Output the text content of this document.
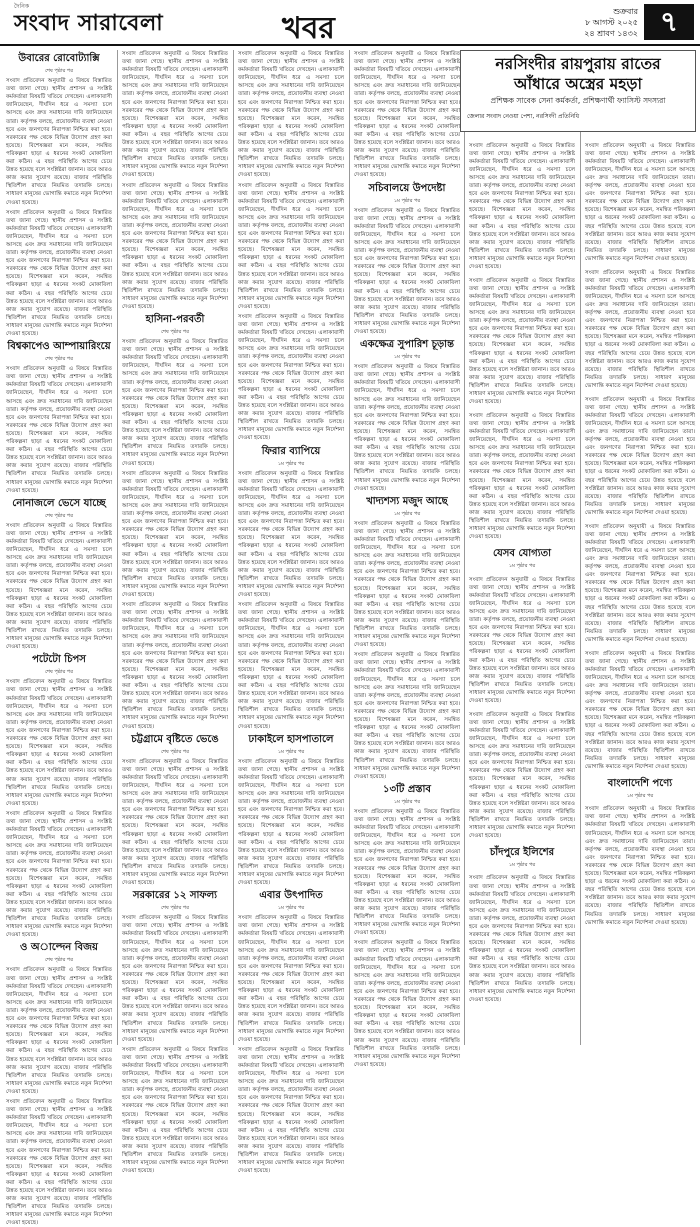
দৈনিক
সংবাদ সারাবেলা	খবর	শুক্রবার
৮ আগস্ট ২০২৫
২৪ শ্রাবণ ১৪৩২ ৭
উবারের রোবোট্যাক্সি
শেষ পৃষ্ঠার পর

সংবাদ প্রতিবেদন অনুযায়ী এ বিষয়ে বিস্তারিত তথ্য জানা গেছে। স্থানীয় প্রশাসন ও সংশ্লিষ্ট কর্মকর্তারা বিষয়টি খতিয়ে দেখছেন। এলাকাবাসী জানিয়েছেন, দীর্ঘদিন ধরে এ সমস্যা চলে আসছে এবং দ্রুত সমাধানের দাবি জানিয়েছেন তারা। কর্তৃপক্ষ বলছে, প্রয়োজনীয় ব্যবস্থা নেওয়া হবে এবং জনগণের নিরাপত্তা নিশ্চিত করা হবে। সরকারের পক্ষ থেকে বিভিন্ন উদ্যোগ গ্রহণ করা হয়েছে। বিশেষজ্ঞরা মনে করেন, সমন্বিত পরিকল্পনা ছাড়া এ ধরনের সংকট মোকাবিলা করা কঠিন। এ বছর পরিস্থিতি আগের চেয়ে উন্নত হয়েছে বলে সংশ্লিষ্টরা জানান। তবে আরও কাজ করার সুযোগ রয়েছে। বাজার পরিস্থিতি স্থিতিশীল রাখতে নিয়মিত তদারকি চলছে। সাধারণ মানুষের ভোগান্তি কমাতে নতুন নির্দেশনা দেওয়া হয়েছে।

সংবাদ প্রতিবেদন অনুযায়ী এ বিষয়ে বিস্তারিত তথ্য জানা গেছে। স্থানীয় প্রশাসন ও সংশ্লিষ্ট কর্মকর্তারা বিষয়টি খতিয়ে দেখছেন। এলাকাবাসী জানিয়েছেন, দীর্ঘদিন ধরে এ সমস্যা চলে আসছে এবং দ্রুত সমাধানের দাবি জানিয়েছেন তারা। কর্তৃপক্ষ বলছে, প্রয়োজনীয় ব্যবস্থা নেওয়া হবে এবং জনগণের নিরাপত্তা নিশ্চিত করা হবে। সরকারের পক্ষ থেকে বিভিন্ন উদ্যোগ গ্রহণ করা হয়েছে। বিশেষজ্ঞরা মনে করেন, সমন্বিত পরিকল্পনা ছাড়া এ ধরনের সংকট মোকাবিলা করা কঠিন। এ বছর পরিস্থিতি আগের চেয়ে উন্নত হয়েছে বলে সংশ্লিষ্টরা জানান। তবে আরও কাজ করার সুযোগ রয়েছে। বাজার পরিস্থিতি স্থিতিশীল রাখতে নিয়মিত তদারকি চলছে। সাধারণ মানুষের ভোগান্তি কমাতে নতুন নির্দেশনা দেওয়া হয়েছে।

বিশ্বকাপেও আম্পায়ারিংয়ে
শেষ পৃষ্ঠার পর

সংবাদ প্রতিবেদন অনুযায়ী এ বিষয়ে বিস্তারিত তথ্য জানা গেছে। স্থানীয় প্রশাসন ও সংশ্লিষ্ট কর্মকর্তারা বিষয়টি খতিয়ে দেখছেন। এলাকাবাসী জানিয়েছেন, দীর্ঘদিন ধরে এ সমস্যা চলে আসছে এবং দ্রুত সমাধানের দাবি জানিয়েছেন তারা। কর্তৃপক্ষ বলছে, প্রয়োজনীয় ব্যবস্থা নেওয়া হবে এবং জনগণের নিরাপত্তা নিশ্চিত করা হবে। সরকারের পক্ষ থেকে বিভিন্ন উদ্যোগ গ্রহণ করা হয়েছে। বিশেষজ্ঞরা মনে করেন, সমন্বিত পরিকল্পনা ছাড়া এ ধরনের সংকট মোকাবিলা করা কঠিন। এ বছর পরিস্থিতি আগের চেয়ে উন্নত হয়েছে বলে সংশ্লিষ্টরা জানান। তবে আরও কাজ করার সুযোগ রয়েছে। বাজার পরিস্থিতি স্থিতিশীল রাখতে নিয়মিত তদারকি চলছে। সাধারণ মানুষের ভোগান্তি কমাতে নতুন নির্দেশনা দেওয়া হয়েছে।

নোনাজলে ভেসে যাচ্ছে
শেষ পৃষ্ঠার পর

সংবাদ প্রতিবেদন অনুযায়ী এ বিষয়ে বিস্তারিত তথ্য জানা গেছে। স্থানীয় প্রশাসন ও সংশ্লিষ্ট কর্মকর্তারা বিষয়টি খতিয়ে দেখছেন। এলাকাবাসী জানিয়েছেন, দীর্ঘদিন ধরে এ সমস্যা চলে আসছে এবং দ্রুত সমাধানের দাবি জানিয়েছেন তারা। কর্তৃপক্ষ বলছে, প্রয়োজনীয় ব্যবস্থা নেওয়া হবে এবং জনগণের নিরাপত্তা নিশ্চিত করা হবে। সরকারের পক্ষ থেকে বিভিন্ন উদ্যোগ গ্রহণ করা হয়েছে। বিশেষজ্ঞরা মনে করেন, সমন্বিত পরিকল্পনা ছাড়া এ ধরনের সংকট মোকাবিলা করা কঠিন। এ বছর পরিস্থিতি আগের চেয়ে উন্নত হয়েছে বলে সংশ্লিষ্টরা জানান। তবে আরও কাজ করার সুযোগ রয়েছে। বাজার পরিস্থিতি স্থিতিশীল রাখতে নিয়মিত তদারকি চলছে। সাধারণ মানুষের ভোগান্তি কমাতে নতুন নির্দেশনা দেওয়া হয়েছে।

পটেটো চিপস
শেষ পৃষ্ঠার পর

সংবাদ প্রতিবেদন অনুযায়ী এ বিষয়ে বিস্তারিত তথ্য জানা গেছে। স্থানীয় প্রশাসন ও সংশ্লিষ্ট কর্মকর্তারা বিষয়টি খতিয়ে দেখছেন। এলাকাবাসী জানিয়েছেন, দীর্ঘদিন ধরে এ সমস্যা চলে আসছে এবং দ্রুত সমাধানের দাবি জানিয়েছেন তারা। কর্তৃপক্ষ বলছে, প্রয়োজনীয় ব্যবস্থা নেওয়া হবে এবং জনগণের নিরাপত্তা নিশ্চিত করা হবে। সরকারের পক্ষ থেকে বিভিন্ন উদ্যোগ গ্রহণ করা হয়েছে। বিশেষজ্ঞরা মনে করেন, সমন্বিত পরিকল্পনা ছাড়া এ ধরনের সংকট মোকাবিলা করা কঠিন। এ বছর পরিস্থিতি আগের চেয়ে উন্নত হয়েছে বলে সংশ্লিষ্টরা জানান। তবে আরও কাজ করার সুযোগ রয়েছে। বাজার পরিস্থিতি স্থিতিশীল রাখতে নিয়মিত তদারকি চলছে। সাধারণ মানুষের ভোগান্তি কমাতে নতুন নির্দেশনা দেওয়া হয়েছে।

সংবাদ প্রতিবেদন অনুযায়ী এ বিষয়ে বিস্তারিত তথ্য জানা গেছে। স্থানীয় প্রশাসন ও সংশ্লিষ্ট কর্মকর্তারা বিষয়টি খতিয়ে দেখছেন। এলাকাবাসী জানিয়েছেন, দীর্ঘদিন ধরে এ সমস্যা চলে আসছে এবং দ্রুত সমাধানের দাবি জানিয়েছেন তারা। কর্তৃপক্ষ বলছে, প্রয়োজনীয় ব্যবস্থা নেওয়া হবে এবং জনগণের নিরাপত্তা নিশ্চিত করা হবে। সরকারের পক্ষ থেকে বিভিন্ন উদ্যোগ গ্রহণ করা হয়েছে। বিশেষজ্ঞরা মনে করেন, সমন্বিত পরিকল্পনা ছাড়া এ ধরনের সংকট মোকাবিলা করা কঠিন। এ বছর পরিস্থিতি আগের চেয়ে উন্নত হয়েছে বলে সংশ্লিষ্টরা জানান। তবে আরও কাজ করার সুযোগ রয়েছে। বাজার পরিস্থিতি স্থিতিশীল রাখতে নিয়মিত তদারকি চলছে। সাধারণ মানুষের ভোগান্তি কমাতে নতুন নির্দেশনা দেওয়া হয়েছে।

ও অাল্দেন বিজয়
শেষ পৃষ্ঠার পর

সংবাদ প্রতিবেদন অনুযায়ী এ বিষয়ে বিস্তারিত তথ্য জানা গেছে। স্থানীয় প্রশাসন ও সংশ্লিষ্ট কর্মকর্তারা বিষয়টি খতিয়ে দেখছেন। এলাকাবাসী জানিয়েছেন, দীর্ঘদিন ধরে এ সমস্যা চলে আসছে এবং দ্রুত সমাধানের দাবি জানিয়েছেন তারা। কর্তৃপক্ষ বলছে, প্রয়োজনীয় ব্যবস্থা নেওয়া হবে এবং জনগণের নিরাপত্তা নিশ্চিত করা হবে। সরকারের পক্ষ থেকে বিভিন্ন উদ্যোগ গ্রহণ করা হয়েছে। বিশেষজ্ঞরা মনে করেন, সমন্বিত পরিকল্পনা ছাড়া এ ধরনের সংকট মোকাবিলা করা কঠিন। এ বছর পরিস্থিতি আগের চেয়ে উন্নত হয়েছে বলে সংশ্লিষ্টরা জানান। তবে আরও কাজ করার সুযোগ রয়েছে। বাজার পরিস্থিতি স্থিতিশীল রাখতে নিয়মিত তদারকি চলছে। সাধারণ মানুষের ভোগান্তি কমাতে নতুন নির্দেশনা দেওয়া হয়েছে।

সংবাদ প্রতিবেদন অনুযায়ী এ বিষয়ে বিস্তারিত তথ্য জানা গেছে। স্থানীয় প্রশাসন ও সংশ্লিষ্ট কর্মকর্তারা বিষয়টি খতিয়ে দেখছেন। এলাকাবাসী জানিয়েছেন, দীর্ঘদিন ধরে এ সমস্যা চলে আসছে এবং দ্রুত সমাধানের দাবি জানিয়েছেন তারা। কর্তৃপক্ষ বলছে, প্রয়োজনীয় ব্যবস্থা নেওয়া হবে এবং জনগণের নিরাপত্তা নিশ্চিত করা হবে। সরকারের পক্ষ থেকে বিভিন্ন উদ্যোগ গ্রহণ করা হয়েছে। বিশেষজ্ঞরা মনে করেন, সমন্বিত পরিকল্পনা ছাড়া এ ধরনের সংকট মোকাবিলা করা কঠিন। এ বছর পরিস্থিতি আগের চেয়ে উন্নত হয়েছে বলে সংশ্লিষ্টরা জানান। তবে আরও কাজ করার সুযোগ রয়েছে। বাজার পরিস্থিতি স্থিতিশীল রাখতে নিয়মিত তদারকি চলছে। সাধারণ মানুষের ভোগান্তি কমাতে নতুন নির্দেশনা দেওয়া হয়েছে।

সংবাদ প্রতিবেদন অনুযায়ী এ বিষয়ে বিস্তারিত তথ্য জানা গেছে। স্থানীয় প্রশাসন ও সংশ্লিষ্ট কর্মকর্তারা বিষয়টি খতিয়ে দেখছেন। এলাকাবাসী জানিয়েছেন, দীর্ঘদিন ধরে এ সমস্যা চলে আসছে এবং দ্রুত সমাধানের দাবি জানিয়েছেন তারা। কর্তৃপক্ষ বলছে, প্রয়োজনীয় ব্যবস্থা নেওয়া হবে এবং জনগণের নিরাপত্তা নিশ্চিত করা হবে। সরকারের পক্ষ থেকে বিভিন্ন উদ্যোগ গ্রহণ করা হয়েছে। বিশেষজ্ঞরা মনে করেন, সমন্বিত পরিকল্পনা ছাড়া এ ধরনের সংকট মোকাবিলা করা কঠিন। এ বছর পরিস্থিতি আগের চেয়ে উন্নত হয়েছে বলে সংশ্লিষ্টরা জানান। তবে আরও কাজ করার সুযোগ রয়েছে। বাজার পরিস্থিতি স্থিতিশীল রাখতে নিয়মিত তদারকি চলছে। সাধারণ মানুষের ভোগান্তি কমাতে নতুন নির্দেশনা দেওয়া হয়েছে।

সংবাদ প্রতিবেদন অনুযায়ী এ বিষয়ে বিস্তারিত তথ্য জানা গেছে। স্থানীয় প্রশাসন ও সংশ্লিষ্ট কর্মকর্তারা বিষয়টি খতিয়ে দেখছেন। এলাকাবাসী জানিয়েছেন, দীর্ঘদিন ধরে এ সমস্যা চলে আসছে এবং দ্রুত সমাধানের দাবি জানিয়েছেন তারা। কর্তৃপক্ষ বলছে, প্রয়োজনীয় ব্যবস্থা নেওয়া হবে এবং জনগণের নিরাপত্তা নিশ্চিত করা হবে। সরকারের পক্ষ থেকে বিভিন্ন উদ্যোগ গ্রহণ করা হয়েছে। বিশেষজ্ঞরা মনে করেন, সমন্বিত পরিকল্পনা ছাড়া এ ধরনের সংকট মোকাবিলা করা কঠিন। এ বছর পরিস্থিতি আগের চেয়ে উন্নত হয়েছে বলে সংশ্লিষ্টরা জানান। তবে আরও কাজ করার সুযোগ রয়েছে। বাজার পরিস্থিতি স্থিতিশীল রাখতে নিয়মিত তদারকি চলছে। সাধারণ মানুষের ভোগান্তি কমাতে নতুন নির্দেশনা দেওয়া হয়েছে।

হাসিনা-পরবর্তী
শেষ পৃষ্ঠার পর

সংবাদ প্রতিবেদন অনুযায়ী এ বিষয়ে বিস্তারিত তথ্য জানা গেছে। স্থানীয় প্রশাসন ও সংশ্লিষ্ট কর্মকর্তারা বিষয়টি খতিয়ে দেখছেন। এলাকাবাসী জানিয়েছেন, দীর্ঘদিন ধরে এ সমস্যা চলে আসছে এবং দ্রুত সমাধানের দাবি জানিয়েছেন তারা। কর্তৃপক্ষ বলছে, প্রয়োজনীয় ব্যবস্থা নেওয়া হবে এবং জনগণের নিরাপত্তা নিশ্চিত করা হবে। সরকারের পক্ষ থেকে বিভিন্ন উদ্যোগ গ্রহণ করা হয়েছে। বিশেষজ্ঞরা মনে করেন, সমন্বিত পরিকল্পনা ছাড়া এ ধরনের সংকট মোকাবিলা করা কঠিন। এ বছর পরিস্থিতি আগের চেয়ে উন্নত হয়েছে বলে সংশ্লিষ্টরা জানান। তবে আরও কাজ করার সুযোগ রয়েছে। বাজার পরিস্থিতি স্থিতিশীল রাখতে নিয়মিত তদারকি চলছে। সাধারণ মানুষের ভোগান্তি কমাতে নতুন নির্দেশনা দেওয়া হয়েছে।

সংবাদ প্রতিবেদন অনুযায়ী এ বিষয়ে বিস্তারিত তথ্য জানা গেছে। স্থানীয় প্রশাসন ও সংশ্লিষ্ট কর্মকর্তারা বিষয়টি খতিয়ে দেখছেন। এলাকাবাসী জানিয়েছেন, দীর্ঘদিন ধরে এ সমস্যা চলে আসছে এবং দ্রুত সমাধানের দাবি জানিয়েছেন তারা। কর্তৃপক্ষ বলছে, প্রয়োজনীয় ব্যবস্থা নেওয়া হবে এবং জনগণের নিরাপত্তা নিশ্চিত করা হবে। সরকারের পক্ষ থেকে বিভিন্ন উদ্যোগ গ্রহণ করা হয়েছে। বিশেষজ্ঞরা মনে করেন, সমন্বিত পরিকল্পনা ছাড়া এ ধরনের সংকট মোকাবিলা করা কঠিন। এ বছর পরিস্থিতি আগের চেয়ে উন্নত হয়েছে বলে সংশ্লিষ্টরা জানান। তবে আরও কাজ করার সুযোগ রয়েছে। বাজার পরিস্থিতি স্থিতিশীল রাখতে নিয়মিত তদারকি চলছে। সাধারণ মানুষের ভোগান্তি কমাতে নতুন নির্দেশনা দেওয়া হয়েছে।

সংবাদ প্রতিবেদন অনুযায়ী এ বিষয়ে বিস্তারিত তথ্য জানা গেছে। স্থানীয় প্রশাসন ও সংশ্লিষ্ট কর্মকর্তারা বিষয়টি খতিয়ে দেখছেন। এলাকাবাসী জানিয়েছেন, দীর্ঘদিন ধরে এ সমস্যা চলে আসছে এবং দ্রুত সমাধানের দাবি জানিয়েছেন তারা। কর্তৃপক্ষ বলছে, প্রয়োজনীয় ব্যবস্থা নেওয়া হবে এবং জনগণের নিরাপত্তা নিশ্চিত করা হবে। সরকারের পক্ষ থেকে বিভিন্ন উদ্যোগ গ্রহণ করা হয়েছে। বিশেষজ্ঞরা মনে করেন, সমন্বিত পরিকল্পনা ছাড়া এ ধরনের সংকট মোকাবিলা করা কঠিন। এ বছর পরিস্থিতি আগের চেয়ে উন্নত হয়েছে বলে সংশ্লিষ্টরা জানান। তবে আরও কাজ করার সুযোগ রয়েছে। বাজার পরিস্থিতি স্থিতিশীল রাখতে নিয়মিত তদারকি চলছে। সাধারণ মানুষের ভোগান্তি কমাতে নতুন নির্দেশনা দেওয়া হয়েছে।

চট্টগ্রামে বৃষ্টিতে ভেঙে
শেষ পৃষ্ঠার পর

সংবাদ প্রতিবেদন অনুযায়ী এ বিষয়ে বিস্তারিত তথ্য জানা গেছে। স্থানীয় প্রশাসন ও সংশ্লিষ্ট কর্মকর্তারা বিষয়টি খতিয়ে দেখছেন। এলাকাবাসী জানিয়েছেন, দীর্ঘদিন ধরে এ সমস্যা চলে আসছে এবং দ্রুত সমাধানের দাবি জানিয়েছেন তারা। কর্তৃপক্ষ বলছে, প্রয়োজনীয় ব্যবস্থা নেওয়া হবে এবং জনগণের নিরাপত্তা নিশ্চিত করা হবে। সরকারের পক্ষ থেকে বিভিন্ন উদ্যোগ গ্রহণ করা হয়েছে। বিশেষজ্ঞরা মনে করেন, সমন্বিত পরিকল্পনা ছাড়া এ ধরনের সংকট মোকাবিলা করা কঠিন। এ বছর পরিস্থিতি আগের চেয়ে উন্নত হয়েছে বলে সংশ্লিষ্টরা জানান। তবে আরও কাজ করার সুযোগ রয়েছে। বাজার পরিস্থিতি স্থিতিশীল রাখতে নিয়মিত তদারকি চলছে। সাধারণ মানুষের ভোগান্তি কমাতে নতুন নির্দেশনা দেওয়া হয়েছে।

সরকারের ১২ সাফল্য
শেষ পৃষ্ঠার পর

সংবাদ প্রতিবেদন অনুযায়ী এ বিষয়ে বিস্তারিত তথ্য জানা গেছে। স্থানীয় প্রশাসন ও সংশ্লিষ্ট কর্মকর্তারা বিষয়টি খতিয়ে দেখছেন। এলাকাবাসী জানিয়েছেন, দীর্ঘদিন ধরে এ সমস্যা চলে আসছে এবং দ্রুত সমাধানের দাবি জানিয়েছেন তারা। কর্তৃপক্ষ বলছে, প্রয়োজনীয় ব্যবস্থা নেওয়া হবে এবং জনগণের নিরাপত্তা নিশ্চিত করা হবে। সরকারের পক্ষ থেকে বিভিন্ন উদ্যোগ গ্রহণ করা হয়েছে। বিশেষজ্ঞরা মনে করেন, সমন্বিত পরিকল্পনা ছাড়া এ ধরনের সংকট মোকাবিলা করা কঠিন। এ বছর পরিস্থিতি আগের চেয়ে উন্নত হয়েছে বলে সংশ্লিষ্টরা জানান। তবে আরও কাজ করার সুযোগ রয়েছে। বাজার পরিস্থিতি স্থিতিশীল রাখতে নিয়মিত তদারকি চলছে। সাধারণ মানুষের ভোগান্তি কমাতে নতুন নির্দেশনা দেওয়া হয়েছে।

সংবাদ প্রতিবেদন অনুযায়ী এ বিষয়ে বিস্তারিত তথ্য জানা গেছে। স্থানীয় প্রশাসন ও সংশ্লিষ্ট কর্মকর্তারা বিষয়টি খতিয়ে দেখছেন। এলাকাবাসী জানিয়েছেন, দীর্ঘদিন ধরে এ সমস্যা চলে আসছে এবং দ্রুত সমাধানের দাবি জানিয়েছেন তারা। কর্তৃপক্ষ বলছে, প্রয়োজনীয় ব্যবস্থা নেওয়া হবে এবং জনগণের নিরাপত্তা নিশ্চিত করা হবে। সরকারের পক্ষ থেকে বিভিন্ন উদ্যোগ গ্রহণ করা হয়েছে। বিশেষজ্ঞরা মনে করেন, সমন্বিত পরিকল্পনা ছাড়া এ ধরনের সংকট মোকাবিলা করা কঠিন। এ বছর পরিস্থিতি আগের চেয়ে উন্নত হয়েছে বলে সংশ্লিষ্টরা জানান। তবে আরও কাজ করার সুযোগ রয়েছে। বাজার পরিস্থিতি স্থিতিশীল রাখতে নিয়মিত তদারকি চলছে। সাধারণ মানুষের ভোগান্তি কমাতে নতুন নির্দেশনা দেওয়া হয়েছে।

সংবাদ প্রতিবেদন অনুযায়ী এ বিষয়ে বিস্তারিত তথ্য জানা গেছে। স্থানীয় প্রশাসন ও সংশ্লিষ্ট কর্মকর্তারা বিষয়টি খতিয়ে দেখছেন। এলাকাবাসী জানিয়েছেন, দীর্ঘদিন ধরে এ সমস্যা চলে আসছে এবং দ্রুত সমাধানের দাবি জানিয়েছেন তারা। কর্তৃপক্ষ বলছে, প্রয়োজনীয় ব্যবস্থা নেওয়া হবে এবং জনগণের নিরাপত্তা নিশ্চিত করা হবে। সরকারের পক্ষ থেকে বিভিন্ন উদ্যোগ গ্রহণ করা হয়েছে। বিশেষজ্ঞরা মনে করেন, সমন্বিত পরিকল্পনা ছাড়া এ ধরনের সংকট মোকাবিলা করা কঠিন। এ বছর পরিস্থিতি আগের চেয়ে উন্নত হয়েছে বলে সংশ্লিষ্টরা জানান। তবে আরও কাজ করার সুযোগ রয়েছে। বাজার পরিস্থিতি স্থিতিশীল রাখতে নিয়মিত তদারকি চলছে। সাধারণ মানুষের ভোগান্তি কমাতে নতুন নির্দেশনা দেওয়া হয়েছে।

সংবাদ প্রতিবেদন অনুযায়ী এ বিষয়ে বিস্তারিত তথ্য জানা গেছে। স্থানীয় প্রশাসন ও সংশ্লিষ্ট কর্মকর্তারা বিষয়টি খতিয়ে দেখছেন। এলাকাবাসী জানিয়েছেন, দীর্ঘদিন ধরে এ সমস্যা চলে আসছে এবং দ্রুত সমাধানের দাবি জানিয়েছেন তারা। কর্তৃপক্ষ বলছে, প্রয়োজনীয় ব্যবস্থা নেওয়া হবে এবং জনগণের নিরাপত্তা নিশ্চিত করা হবে। সরকারের পক্ষ থেকে বিভিন্ন উদ্যোগ গ্রহণ করা হয়েছে। বিশেষজ্ঞরা মনে করেন, সমন্বিত পরিকল্পনা ছাড়া এ ধরনের সংকট মোকাবিলা করা কঠিন। এ বছর পরিস্থিতি আগের চেয়ে উন্নত হয়েছে বলে সংশ্লিষ্টরা জানান। তবে আরও কাজ করার সুযোগ রয়েছে। বাজার পরিস্থিতি স্থিতিশীল রাখতে নিয়মিত তদারকি চলছে। সাধারণ মানুষের ভোগান্তি কমাতে নতুন নির্দেশনা দেওয়া হয়েছে।

সংবাদ প্রতিবেদন অনুযায়ী এ বিষয়ে বিস্তারিত তথ্য জানা গেছে। স্থানীয় প্রশাসন ও সংশ্লিষ্ট কর্মকর্তারা বিষয়টি খতিয়ে দেখছেন। এলাকাবাসী জানিয়েছেন, দীর্ঘদিন ধরে এ সমস্যা চলে আসছে এবং দ্রুত সমাধানের দাবি জানিয়েছেন তারা। কর্তৃপক্ষ বলছে, প্রয়োজনীয় ব্যবস্থা নেওয়া হবে এবং জনগণের নিরাপত্তা নিশ্চিত করা হবে। সরকারের পক্ষ থেকে বিভিন্ন উদ্যোগ গ্রহণ করা হয়েছে। বিশেষজ্ঞরা মনে করেন, সমন্বিত পরিকল্পনা ছাড়া এ ধরনের সংকট মোকাবিলা করা কঠিন। এ বছর পরিস্থিতি আগের চেয়ে উন্নত হয়েছে বলে সংশ্লিষ্টরা জানান। তবে আরও কাজ করার সুযোগ রয়েছে। বাজার পরিস্থিতি স্থিতিশীল রাখতে নিয়মিত তদারকি চলছে। সাধারণ মানুষের ভোগান্তি কমাতে নতুন নির্দেশনা দেওয়া হয়েছে।

ফিরার ব্যাপিয়ে
১ম পৃষ্ঠার পর

সংবাদ প্রতিবেদন অনুযায়ী এ বিষয়ে বিস্তারিত তথ্য জানা গেছে। স্থানীয় প্রশাসন ও সংশ্লিষ্ট কর্মকর্তারা বিষয়টি খতিয়ে দেখছেন। এলাকাবাসী জানিয়েছেন, দীর্ঘদিন ধরে এ সমস্যা চলে আসছে এবং দ্রুত সমাধানের দাবি জানিয়েছেন তারা। কর্তৃপক্ষ বলছে, প্রয়োজনীয় ব্যবস্থা নেওয়া হবে এবং জনগণের নিরাপত্তা নিশ্চিত করা হবে। সরকারের পক্ষ থেকে বিভিন্ন উদ্যোগ গ্রহণ করা হয়েছে। বিশেষজ্ঞরা মনে করেন, সমন্বিত পরিকল্পনা ছাড়া এ ধরনের সংকট মোকাবিলা করা কঠিন। এ বছর পরিস্থিতি আগের চেয়ে উন্নত হয়েছে বলে সংশ্লিষ্টরা জানান। তবে আরও কাজ করার সুযোগ রয়েছে। বাজার পরিস্থিতি স্থিতিশীল রাখতে নিয়মিত তদারকি চলছে। সাধারণ মানুষের ভোগান্তি কমাতে নতুন নির্দেশনা দেওয়া হয়েছে।

সংবাদ প্রতিবেদন অনুযায়ী এ বিষয়ে বিস্তারিত তথ্য জানা গেছে। স্থানীয় প্রশাসন ও সংশ্লিষ্ট কর্মকর্তারা বিষয়টি খতিয়ে দেখছেন। এলাকাবাসী জানিয়েছেন, দীর্ঘদিন ধরে এ সমস্যা চলে আসছে এবং দ্রুত সমাধানের দাবি জানিয়েছেন তারা। কর্তৃপক্ষ বলছে, প্রয়োজনীয় ব্যবস্থা নেওয়া হবে এবং জনগণের নিরাপত্তা নিশ্চিত করা হবে। সরকারের পক্ষ থেকে বিভিন্ন উদ্যোগ গ্রহণ করা হয়েছে। বিশেষজ্ঞরা মনে করেন, সমন্বিত পরিকল্পনা ছাড়া এ ধরনের সংকট মোকাবিলা করা কঠিন। এ বছর পরিস্থিতি আগের চেয়ে উন্নত হয়েছে বলে সংশ্লিষ্টরা জানান। তবে আরও কাজ করার সুযোগ রয়েছে। বাজার পরিস্থিতি স্থিতিশীল রাখতে নিয়মিত তদারকি চলছে। সাধারণ মানুষের ভোগান্তি কমাতে নতুন নির্দেশনা দেওয়া হয়েছে।

ঢাকাইলে হাসপাতালে
১ম পৃষ্ঠার পর

সংবাদ প্রতিবেদন অনুযায়ী এ বিষয়ে বিস্তারিত তথ্য জানা গেছে। স্থানীয় প্রশাসন ও সংশ্লিষ্ট কর্মকর্তারা বিষয়টি খতিয়ে দেখছেন। এলাকাবাসী জানিয়েছেন, দীর্ঘদিন ধরে এ সমস্যা চলে আসছে এবং দ্রুত সমাধানের দাবি জানিয়েছেন তারা। কর্তৃপক্ষ বলছে, প্রয়োজনীয় ব্যবস্থা নেওয়া হবে এবং জনগণের নিরাপত্তা নিশ্চিত করা হবে। সরকারের পক্ষ থেকে বিভিন্ন উদ্যোগ গ্রহণ করা হয়েছে। বিশেষজ্ঞরা মনে করেন, সমন্বিত পরিকল্পনা ছাড়া এ ধরনের সংকট মোকাবিলা করা কঠিন। এ বছর পরিস্থিতি আগের চেয়ে উন্নত হয়েছে বলে সংশ্লিষ্টরা জানান। তবে আরও কাজ করার সুযোগ রয়েছে। বাজার পরিস্থিতি স্থিতিশীল রাখতে নিয়মিত তদারকি চলছে। সাধারণ মানুষের ভোগান্তি কমাতে নতুন নির্দেশনা দেওয়া হয়েছে।

এবার উৎপাদিত
১ম পৃষ্ঠার পর

সংবাদ প্রতিবেদন অনুযায়ী এ বিষয়ে বিস্তারিত তথ্য জানা গেছে। স্থানীয় প্রশাসন ও সংশ্লিষ্ট কর্মকর্তারা বিষয়টি খতিয়ে দেখছেন। এলাকাবাসী জানিয়েছেন, দীর্ঘদিন ধরে এ সমস্যা চলে আসছে এবং দ্রুত সমাধানের দাবি জানিয়েছেন তারা। কর্তৃপক্ষ বলছে, প্রয়োজনীয় ব্যবস্থা নেওয়া হবে এবং জনগণের নিরাপত্তা নিশ্চিত করা হবে। সরকারের পক্ষ থেকে বিভিন্ন উদ্যোগ গ্রহণ করা হয়েছে। বিশেষজ্ঞরা মনে করেন, সমন্বিত পরিকল্পনা ছাড়া এ ধরনের সংকট মোকাবিলা করা কঠিন। এ বছর পরিস্থিতি আগের চেয়ে উন্নত হয়েছে বলে সংশ্লিষ্টরা জানান। তবে আরও কাজ করার সুযোগ রয়েছে। বাজার পরিস্থিতি স্থিতিশীল রাখতে নিয়মিত তদারকি চলছে। সাধারণ মানুষের ভোগান্তি কমাতে নতুন নির্দেশনা দেওয়া হয়েছে।

সংবাদ প্রতিবেদন অনুযায়ী এ বিষয়ে বিস্তারিত তথ্য জানা গেছে। স্থানীয় প্রশাসন ও সংশ্লিষ্ট কর্মকর্তারা বিষয়টি খতিয়ে দেখছেন। এলাকাবাসী জানিয়েছেন, দীর্ঘদিন ধরে এ সমস্যা চলে আসছে এবং দ্রুত সমাধানের দাবি জানিয়েছেন তারা। কর্তৃপক্ষ বলছে, প্রয়োজনীয় ব্যবস্থা নেওয়া হবে এবং জনগণের নিরাপত্তা নিশ্চিত করা হবে। সরকারের পক্ষ থেকে বিভিন্ন উদ্যোগ গ্রহণ করা হয়েছে। বিশেষজ্ঞরা মনে করেন, সমন্বিত পরিকল্পনা ছাড়া এ ধরনের সংকট মোকাবিলা করা কঠিন। এ বছর পরিস্থিতি আগের চেয়ে উন্নত হয়েছে বলে সংশ্লিষ্টরা জানান। তবে আরও কাজ করার সুযোগ রয়েছে। বাজার পরিস্থিতি স্থিতিশীল রাখতে নিয়মিত তদারকি চলছে। সাধারণ মানুষের ভোগান্তি কমাতে নতুন নির্দেশনা দেওয়া হয়েছে।

সংবাদ প্রতিবেদন অনুযায়ী এ বিষয়ে বিস্তারিত তথ্য জানা গেছে। স্থানীয় প্রশাসন ও সংশ্লিষ্ট কর্মকর্তারা বিষয়টি খতিয়ে দেখছেন। এলাকাবাসী জানিয়েছেন, দীর্ঘদিন ধরে এ সমস্যা চলে আসছে এবং দ্রুত সমাধানের দাবি জানিয়েছেন তারা। কর্তৃপক্ষ বলছে, প্রয়োজনীয় ব্যবস্থা নেওয়া হবে এবং জনগণের নিরাপত্তা নিশ্চিত করা হবে। সরকারের পক্ষ থেকে বিভিন্ন উদ্যোগ গ্রহণ করা হয়েছে। বিশেষজ্ঞরা মনে করেন, সমন্বিত পরিকল্পনা ছাড়া এ ধরনের সংকট মোকাবিলা করা কঠিন। এ বছর পরিস্থিতি আগের চেয়ে উন্নত হয়েছে বলে সংশ্লিষ্টরা জানান। তবে আরও কাজ করার সুযোগ রয়েছে। বাজার পরিস্থিতি স্থিতিশীল রাখতে নিয়মিত তদারকি চলছে। সাধারণ মানুষের ভোগান্তি কমাতে নতুন নির্দেশনা দেওয়া হয়েছে।

সচিবালয়ে উপদেষ্টা
১ম পৃষ্ঠার পর

সংবাদ প্রতিবেদন অনুযায়ী এ বিষয়ে বিস্তারিত তথ্য জানা গেছে। স্থানীয় প্রশাসন ও সংশ্লিষ্ট কর্মকর্তারা বিষয়টি খতিয়ে দেখছেন। এলাকাবাসী জানিয়েছেন, দীর্ঘদিন ধরে এ সমস্যা চলে আসছে এবং দ্রুত সমাধানের দাবি জানিয়েছেন তারা। কর্তৃপক্ষ বলছে, প্রয়োজনীয় ব্যবস্থা নেওয়া হবে এবং জনগণের নিরাপত্তা নিশ্চিত করা হবে। সরকারের পক্ষ থেকে বিভিন্ন উদ্যোগ গ্রহণ করা হয়েছে। বিশেষজ্ঞরা মনে করেন, সমন্বিত পরিকল্পনা ছাড়া এ ধরনের সংকট মোকাবিলা করা কঠিন। এ বছর পরিস্থিতি আগের চেয়ে উন্নত হয়েছে বলে সংশ্লিষ্টরা জানান। তবে আরও কাজ করার সুযোগ রয়েছে। বাজার পরিস্থিতি স্থিতিশীল রাখতে নিয়মিত তদারকি চলছে। সাধারণ মানুষের ভোগান্তি কমাতে নতুন নির্দেশনা দেওয়া হয়েছে।

একক্ষেত্র সুপারিশ চূড়ান্ত
১ম পৃষ্ঠার পর

সংবাদ প্রতিবেদন অনুযায়ী এ বিষয়ে বিস্তারিত তথ্য জানা গেছে। স্থানীয় প্রশাসন ও সংশ্লিষ্ট কর্মকর্তারা বিষয়টি খতিয়ে দেখছেন। এলাকাবাসী জানিয়েছেন, দীর্ঘদিন ধরে এ সমস্যা চলে আসছে এবং দ্রুত সমাধানের দাবি জানিয়েছেন তারা। কর্তৃপক্ষ বলছে, প্রয়োজনীয় ব্যবস্থা নেওয়া হবে এবং জনগণের নিরাপত্তা নিশ্চিত করা হবে। সরকারের পক্ষ থেকে বিভিন্ন উদ্যোগ গ্রহণ করা হয়েছে। বিশেষজ্ঞরা মনে করেন, সমন্বিত পরিকল্পনা ছাড়া এ ধরনের সংকট মোকাবিলা করা কঠিন। এ বছর পরিস্থিতি আগের চেয়ে উন্নত হয়েছে বলে সংশ্লিষ্টরা জানান। তবে আরও কাজ করার সুযোগ রয়েছে। বাজার পরিস্থিতি স্থিতিশীল রাখতে নিয়মিত তদারকি চলছে। সাধারণ মানুষের ভোগান্তি কমাতে নতুন নির্দেশনা দেওয়া হয়েছে।

খাদ্যশস্য মজুদ আছে
১ম পৃষ্ঠার পর

সংবাদ প্রতিবেদন অনুযায়ী এ বিষয়ে বিস্তারিত তথ্য জানা গেছে। স্থানীয় প্রশাসন ও সংশ্লিষ্ট কর্মকর্তারা বিষয়টি খতিয়ে দেখছেন। এলাকাবাসী জানিয়েছেন, দীর্ঘদিন ধরে এ সমস্যা চলে আসছে এবং দ্রুত সমাধানের দাবি জানিয়েছেন তারা। কর্তৃপক্ষ বলছে, প্রয়োজনীয় ব্যবস্থা নেওয়া হবে এবং জনগণের নিরাপত্তা নিশ্চিত করা হবে। সরকারের পক্ষ থেকে বিভিন্ন উদ্যোগ গ্রহণ করা হয়েছে। বিশেষজ্ঞরা মনে করেন, সমন্বিত পরিকল্পনা ছাড়া এ ধরনের সংকট মোকাবিলা করা কঠিন। এ বছর পরিস্থিতি আগের চেয়ে উন্নত হয়েছে বলে সংশ্লিষ্টরা জানান। তবে আরও কাজ করার সুযোগ রয়েছে। বাজার পরিস্থিতি স্থিতিশীল রাখতে নিয়মিত তদারকি চলছে। সাধারণ মানুষের ভোগান্তি কমাতে নতুন নির্দেশনা দেওয়া হয়েছে।

সংবাদ প্রতিবেদন অনুযায়ী এ বিষয়ে বিস্তারিত তথ্য জানা গেছে। স্থানীয় প্রশাসন ও সংশ্লিষ্ট কর্মকর্তারা বিষয়টি খতিয়ে দেখছেন। এলাকাবাসী জানিয়েছেন, দীর্ঘদিন ধরে এ সমস্যা চলে আসছে এবং দ্রুত সমাধানের দাবি জানিয়েছেন তারা। কর্তৃপক্ষ বলছে, প্রয়োজনীয় ব্যবস্থা নেওয়া হবে এবং জনগণের নিরাপত্তা নিশ্চিত করা হবে। সরকারের পক্ষ থেকে বিভিন্ন উদ্যোগ গ্রহণ করা হয়েছে। বিশেষজ্ঞরা মনে করেন, সমন্বিত পরিকল্পনা ছাড়া এ ধরনের সংকট মোকাবিলা করা কঠিন। এ বছর পরিস্থিতি আগের চেয়ে উন্নত হয়েছে বলে সংশ্লিষ্টরা জানান। তবে আরও কাজ করার সুযোগ রয়েছে। বাজার পরিস্থিতি স্থিতিশীল রাখতে নিয়মিত তদারকি চলছে। সাধারণ মানুষের ভোগান্তি কমাতে নতুন নির্দেশনা দেওয়া হয়েছে।

১৩টি প্রস্তাব
১ম পৃষ্ঠার পর

সংবাদ প্রতিবেদন অনুযায়ী এ বিষয়ে বিস্তারিত তথ্য জানা গেছে। স্থানীয় প্রশাসন ও সংশ্লিষ্ট কর্মকর্তারা বিষয়টি খতিয়ে দেখছেন। এলাকাবাসী জানিয়েছেন, দীর্ঘদিন ধরে এ সমস্যা চলে আসছে এবং দ্রুত সমাধানের দাবি জানিয়েছেন তারা। কর্তৃপক্ষ বলছে, প্রয়োজনীয় ব্যবস্থা নেওয়া হবে এবং জনগণের নিরাপত্তা নিশ্চিত করা হবে। সরকারের পক্ষ থেকে বিভিন্ন উদ্যোগ গ্রহণ করা হয়েছে। বিশেষজ্ঞরা মনে করেন, সমন্বিত পরিকল্পনা ছাড়া এ ধরনের সংকট মোকাবিলা করা কঠিন। এ বছর পরিস্থিতি আগের চেয়ে উন্নত হয়েছে বলে সংশ্লিষ্টরা জানান। তবে আরও কাজ করার সুযোগ রয়েছে। বাজার পরিস্থিতি স্থিতিশীল রাখতে নিয়মিত তদারকি চলছে। সাধারণ মানুষের ভোগান্তি কমাতে নতুন নির্দেশনা দেওয়া হয়েছে।

সংবাদ প্রতিবেদন অনুযায়ী এ বিষয়ে বিস্তারিত তথ্য জানা গেছে। স্থানীয় প্রশাসন ও সংশ্লিষ্ট কর্মকর্তারা বিষয়টি খতিয়ে দেখছেন। এলাকাবাসী জানিয়েছেন, দীর্ঘদিন ধরে এ সমস্যা চলে আসছে এবং দ্রুত সমাধানের দাবি জানিয়েছেন তারা। কর্তৃপক্ষ বলছে, প্রয়োজনীয় ব্যবস্থা নেওয়া হবে এবং জনগণের নিরাপত্তা নিশ্চিত করা হবে। সরকারের পক্ষ থেকে বিভিন্ন উদ্যোগ গ্রহণ করা হয়েছে। বিশেষজ্ঞরা মনে করেন, সমন্বিত পরিকল্পনা ছাড়া এ ধরনের সংকট মোকাবিলা করা কঠিন। এ বছর পরিস্থিতি আগের চেয়ে উন্নত হয়েছে বলে সংশ্লিষ্টরা জানান। তবে আরও কাজ করার সুযোগ রয়েছে। বাজার পরিস্থিতি স্থিতিশীল রাখতে নিয়মিত তদারকি চলছে। সাধারণ মানুষের ভোগান্তি কমাতে নতুন নির্দেশনা দেওয়া হয়েছে।

নরসিংদীর রায়পুরায় রাতের
আঁধারে অস্ত্রের মহড়া
প্রশিক্ষক সাবেক সেনা কর্মকর্তা, প্রশিক্ষণার্থী ফ্যাসিস্ট সদস্যরা
জেলার সংবাদ নেওয়া পেশা, নরসিংদী প্রতিনিধি

সংবাদ প্রতিবেদন অনুযায়ী এ বিষয়ে বিস্তারিত তথ্য জানা গেছে। স্থানীয় প্রশাসন ও সংশ্লিষ্ট কর্মকর্তারা বিষয়টি খতিয়ে দেখছেন। এলাকাবাসী জানিয়েছেন, দীর্ঘদিন ধরে এ সমস্যা চলে আসছে এবং দ্রুত সমাধানের দাবি জানিয়েছেন তারা। কর্তৃপক্ষ বলছে, প্রয়োজনীয় ব্যবস্থা নেওয়া হবে এবং জনগণের নিরাপত্তা নিশ্চিত করা হবে। সরকারের পক্ষ থেকে বিভিন্ন উদ্যোগ গ্রহণ করা হয়েছে। বিশেষজ্ঞরা মনে করেন, সমন্বিত পরিকল্পনা ছাড়া এ ধরনের সংকট মোকাবিলা করা কঠিন। এ বছর পরিস্থিতি আগের চেয়ে উন্নত হয়েছে বলে সংশ্লিষ্টরা জানান। তবে আরও কাজ করার সুযোগ রয়েছে। বাজার পরিস্থিতি স্থিতিশীল রাখতে নিয়মিত তদারকি চলছে। সাধারণ মানুষের ভোগান্তি কমাতে নতুন নির্দেশনা দেওয়া হয়েছে।

সংবাদ প্রতিবেদন অনুযায়ী এ বিষয়ে বিস্তারিত তথ্য জানা গেছে। স্থানীয় প্রশাসন ও সংশ্লিষ্ট কর্মকর্তারা বিষয়টি খতিয়ে দেখছেন। এলাকাবাসী জানিয়েছেন, দীর্ঘদিন ধরে এ সমস্যা চলে আসছে এবং দ্রুত সমাধানের দাবি জানিয়েছেন তারা। কর্তৃপক্ষ বলছে, প্রয়োজনীয় ব্যবস্থা নেওয়া হবে এবং জনগণের নিরাপত্তা নিশ্চিত করা হবে। সরকারের পক্ষ থেকে বিভিন্ন উদ্যোগ গ্রহণ করা হয়েছে। বিশেষজ্ঞরা মনে করেন, সমন্বিত পরিকল্পনা ছাড়া এ ধরনের সংকট মোকাবিলা করা কঠিন। এ বছর পরিস্থিতি আগের চেয়ে উন্নত হয়েছে বলে সংশ্লিষ্টরা জানান। তবে আরও কাজ করার সুযোগ রয়েছে। বাজার পরিস্থিতি স্থিতিশীল রাখতে নিয়মিত তদারকি চলছে। সাধারণ মানুষের ভোগান্তি কমাতে নতুন নির্দেশনা দেওয়া হয়েছে।

সংবাদ প্রতিবেদন অনুযায়ী এ বিষয়ে বিস্তারিত তথ্য জানা গেছে। স্থানীয় প্রশাসন ও সংশ্লিষ্ট কর্মকর্তারা বিষয়টি খতিয়ে দেখছেন। এলাকাবাসী জানিয়েছেন, দীর্ঘদিন ধরে এ সমস্যা চলে আসছে এবং দ্রুত সমাধানের দাবি জানিয়েছেন তারা। কর্তৃপক্ষ বলছে, প্রয়োজনীয় ব্যবস্থা নেওয়া হবে এবং জনগণের নিরাপত্তা নিশ্চিত করা হবে। সরকারের পক্ষ থেকে বিভিন্ন উদ্যোগ গ্রহণ করা হয়েছে। বিশেষজ্ঞরা মনে করেন, সমন্বিত পরিকল্পনা ছাড়া এ ধরনের সংকট মোকাবিলা করা কঠিন। এ বছর পরিস্থিতি আগের চেয়ে উন্নত হয়েছে বলে সংশ্লিষ্টরা জানান। তবে আরও কাজ করার সুযোগ রয়েছে। বাজার পরিস্থিতি স্থিতিশীল রাখতে নিয়মিত তদারকি চলছে। সাধারণ মানুষের ভোগান্তি কমাতে নতুন নির্দেশনা দেওয়া হয়েছে।

যেসব যোগ্যতা
১ম পৃষ্ঠার পর

সংবাদ প্রতিবেদন অনুযায়ী এ বিষয়ে বিস্তারিত তথ্য জানা গেছে। স্থানীয় প্রশাসন ও সংশ্লিষ্ট কর্মকর্তারা বিষয়টি খতিয়ে দেখছেন। এলাকাবাসী জানিয়েছেন, দীর্ঘদিন ধরে এ সমস্যা চলে আসছে এবং দ্রুত সমাধানের দাবি জানিয়েছেন তারা। কর্তৃপক্ষ বলছে, প্রয়োজনীয় ব্যবস্থা নেওয়া হবে এবং জনগণের নিরাপত্তা নিশ্চিত করা হবে। সরকারের পক্ষ থেকে বিভিন্ন উদ্যোগ গ্রহণ করা হয়েছে। বিশেষজ্ঞরা মনে করেন, সমন্বিত পরিকল্পনা ছাড়া এ ধরনের সংকট মোকাবিলা করা কঠিন। এ বছর পরিস্থিতি আগের চেয়ে উন্নত হয়েছে বলে সংশ্লিষ্টরা জানান। তবে আরও কাজ করার সুযোগ রয়েছে। বাজার পরিস্থিতি স্থিতিশীল রাখতে নিয়মিত তদারকি চলছে। সাধারণ মানুষের ভোগান্তি কমাতে নতুন নির্দেশনা দেওয়া হয়েছে।

সংবাদ প্রতিবেদন অনুযায়ী এ বিষয়ে বিস্তারিত তথ্য জানা গেছে। স্থানীয় প্রশাসন ও সংশ্লিষ্ট কর্মকর্তারা বিষয়টি খতিয়ে দেখছেন। এলাকাবাসী জানিয়েছেন, দীর্ঘদিন ধরে এ সমস্যা চলে আসছে এবং দ্রুত সমাধানের দাবি জানিয়েছেন তারা। কর্তৃপক্ষ বলছে, প্রয়োজনীয় ব্যবস্থা নেওয়া হবে এবং জনগণের নিরাপত্তা নিশ্চিত করা হবে। সরকারের পক্ষ থেকে বিভিন্ন উদ্যোগ গ্রহণ করা হয়েছে। বিশেষজ্ঞরা মনে করেন, সমন্বিত পরিকল্পনা ছাড়া এ ধরনের সংকট মোকাবিলা করা কঠিন। এ বছর পরিস্থিতি আগের চেয়ে উন্নত হয়েছে বলে সংশ্লিষ্টরা জানান। তবে আরও কাজ করার সুযোগ রয়েছে। বাজার পরিস্থিতি স্থিতিশীল রাখতে নিয়মিত তদারকি চলছে। সাধারণ মানুষের ভোগান্তি কমাতে নতুন নির্দেশনা দেওয়া হয়েছে।

চাঁদপুরে ইলিশের
১ম পৃষ্ঠার পর

সংবাদ প্রতিবেদন অনুযায়ী এ বিষয়ে বিস্তারিত তথ্য জানা গেছে। স্থানীয় প্রশাসন ও সংশ্লিষ্ট কর্মকর্তারা বিষয়টি খতিয়ে দেখছেন। এলাকাবাসী জানিয়েছেন, দীর্ঘদিন ধরে এ সমস্যা চলে আসছে এবং দ্রুত সমাধানের দাবি জানিয়েছেন তারা। কর্তৃপক্ষ বলছে, প্রয়োজনীয় ব্যবস্থা নেওয়া হবে এবং জনগণের নিরাপত্তা নিশ্চিত করা হবে। সরকারের পক্ষ থেকে বিভিন্ন উদ্যোগ গ্রহণ করা হয়েছে। বিশেষজ্ঞরা মনে করেন, সমন্বিত পরিকল্পনা ছাড়া এ ধরনের সংকট মোকাবিলা করা কঠিন। এ বছর পরিস্থিতি আগের চেয়ে উন্নত হয়েছে বলে সংশ্লিষ্টরা জানান। তবে আরও কাজ করার সুযোগ রয়েছে। বাজার পরিস্থিতি স্থিতিশীল রাখতে নিয়মিত তদারকি চলছে। সাধারণ মানুষের ভোগান্তি কমাতে নতুন নির্দেশনা দেওয়া হয়েছে।

সংবাদ প্রতিবেদন অনুযায়ী এ বিষয়ে বিস্তারিত তথ্য জানা গেছে। স্থানীয় প্রশাসন ও সংশ্লিষ্ট কর্মকর্তারা বিষয়টি খতিয়ে দেখছেন। এলাকাবাসী জানিয়েছেন, দীর্ঘদিন ধরে এ সমস্যা চলে আসছে এবং দ্রুত সমাধানের দাবি জানিয়েছেন তারা। কর্তৃপক্ষ বলছে, প্রয়োজনীয় ব্যবস্থা নেওয়া হবে এবং জনগণের নিরাপত্তা নিশ্চিত করা হবে। সরকারের পক্ষ থেকে বিভিন্ন উদ্যোগ গ্রহণ করা হয়েছে। বিশেষজ্ঞরা মনে করেন, সমন্বিত পরিকল্পনা ছাড়া এ ধরনের সংকট মোকাবিলা করা কঠিন। এ বছর পরিস্থিতি আগের চেয়ে উন্নত হয়েছে বলে সংশ্লিষ্টরা জানান। তবে আরও কাজ করার সুযোগ রয়েছে। বাজার পরিস্থিতি স্থিতিশীল রাখতে নিয়মিত তদারকি চলছে। সাধারণ মানুষের ভোগান্তি কমাতে নতুন নির্দেশনা দেওয়া হয়েছে।

সংবাদ প্রতিবেদন অনুযায়ী এ বিষয়ে বিস্তারিত তথ্য জানা গেছে। স্থানীয় প্রশাসন ও সংশ্লিষ্ট কর্মকর্তারা বিষয়টি খতিয়ে দেখছেন। এলাকাবাসী জানিয়েছেন, দীর্ঘদিন ধরে এ সমস্যা চলে আসছে এবং দ্রুত সমাধানের দাবি জানিয়েছেন তারা। কর্তৃপক্ষ বলছে, প্রয়োজনীয় ব্যবস্থা নেওয়া হবে এবং জনগণের নিরাপত্তা নিশ্চিত করা হবে। সরকারের পক্ষ থেকে বিভিন্ন উদ্যোগ গ্রহণ করা হয়েছে। বিশেষজ্ঞরা মনে করেন, সমন্বিত পরিকল্পনা ছাড়া এ ধরনের সংকট মোকাবিলা করা কঠিন। এ বছর পরিস্থিতি আগের চেয়ে উন্নত হয়েছে বলে সংশ্লিষ্টরা জানান। তবে আরও কাজ করার সুযোগ রয়েছে। বাজার পরিস্থিতি স্থিতিশীল রাখতে নিয়মিত তদারকি চলছে। সাধারণ মানুষের ভোগান্তি কমাতে নতুন নির্দেশনা দেওয়া হয়েছে।

সংবাদ প্রতিবেদন অনুযায়ী এ বিষয়ে বিস্তারিত তথ্য জানা গেছে। স্থানীয় প্রশাসন ও সংশ্লিষ্ট কর্মকর্তারা বিষয়টি খতিয়ে দেখছেন। এলাকাবাসী জানিয়েছেন, দীর্ঘদিন ধরে এ সমস্যা চলে আসছে এবং দ্রুত সমাধানের দাবি জানিয়েছেন তারা। কর্তৃপক্ষ বলছে, প্রয়োজনীয় ব্যবস্থা নেওয়া হবে এবং জনগণের নিরাপত্তা নিশ্চিত করা হবে। সরকারের পক্ষ থেকে বিভিন্ন উদ্যোগ গ্রহণ করা হয়েছে। বিশেষজ্ঞরা মনে করেন, সমন্বিত পরিকল্পনা ছাড়া এ ধরনের সংকট মোকাবিলা করা কঠিন। এ বছর পরিস্থিতি আগের চেয়ে উন্নত হয়েছে বলে সংশ্লিষ্টরা জানান। তবে আরও কাজ করার সুযোগ রয়েছে। বাজার পরিস্থিতি স্থিতিশীল রাখতে নিয়মিত তদারকি চলছে। সাধারণ মানুষের ভোগান্তি কমাতে নতুন নির্দেশনা দেওয়া হয়েছে।

সংবাদ প্রতিবেদন অনুযায়ী এ বিষয়ে বিস্তারিত তথ্য জানা গেছে। স্থানীয় প্রশাসন ও সংশ্লিষ্ট কর্মকর্তারা বিষয়টি খতিয়ে দেখছেন। এলাকাবাসী জানিয়েছেন, দীর্ঘদিন ধরে এ সমস্যা চলে আসছে এবং দ্রুত সমাধানের দাবি জানিয়েছেন তারা। কর্তৃপক্ষ বলছে, প্রয়োজনীয় ব্যবস্থা নেওয়া হবে এবং জনগণের নিরাপত্তা নিশ্চিত করা হবে। সরকারের পক্ষ থেকে বিভিন্ন উদ্যোগ গ্রহণ করা হয়েছে। বিশেষজ্ঞরা মনে করেন, সমন্বিত পরিকল্পনা ছাড়া এ ধরনের সংকট মোকাবিলা করা কঠিন। এ বছর পরিস্থিতি আগের চেয়ে উন্নত হয়েছে বলে সংশ্লিষ্টরা জানান। তবে আরও কাজ করার সুযোগ রয়েছে। বাজার পরিস্থিতি স্থিতিশীল রাখতে নিয়মিত তদারকি চলছে। সাধারণ মানুষের ভোগান্তি কমাতে নতুন নির্দেশনা দেওয়া হয়েছে।

সংবাদ প্রতিবেদন অনুযায়ী এ বিষয়ে বিস্তারিত তথ্য জানা গেছে। স্থানীয় প্রশাসন ও সংশ্লিষ্ট কর্মকর্তারা বিষয়টি খতিয়ে দেখছেন। এলাকাবাসী জানিয়েছেন, দীর্ঘদিন ধরে এ সমস্যা চলে আসছে এবং দ্রুত সমাধানের দাবি জানিয়েছেন তারা। কর্তৃপক্ষ বলছে, প্রয়োজনীয় ব্যবস্থা নেওয়া হবে এবং জনগণের নিরাপত্তা নিশ্চিত করা হবে। সরকারের পক্ষ থেকে বিভিন্ন উদ্যোগ গ্রহণ করা হয়েছে। বিশেষজ্ঞরা মনে করেন, সমন্বিত পরিকল্পনা ছাড়া এ ধরনের সংকট মোকাবিলা করা কঠিন। এ বছর পরিস্থিতি আগের চেয়ে উন্নত হয়েছে বলে সংশ্লিষ্টরা জানান। তবে আরও কাজ করার সুযোগ রয়েছে। বাজার পরিস্থিতি স্থিতিশীল রাখতে নিয়মিত তদারকি চলছে। সাধারণ মানুষের ভোগান্তি কমাতে নতুন নির্দেশনা দেওয়া হয়েছে।

বাংলাদেশি পণ্যে
১ম পৃষ্ঠার পর

সংবাদ প্রতিবেদন অনুযায়ী এ বিষয়ে বিস্তারিত তথ্য জানা গেছে। স্থানীয় প্রশাসন ও সংশ্লিষ্ট কর্মকর্তারা বিষয়টি খতিয়ে দেখছেন। এলাকাবাসী জানিয়েছেন, দীর্ঘদিন ধরে এ সমস্যা চলে আসছে এবং দ্রুত সমাধানের দাবি জানিয়েছেন তারা। কর্তৃপক্ষ বলছে, প্রয়োজনীয় ব্যবস্থা নেওয়া হবে এবং জনগণের নিরাপত্তা নিশ্চিত করা হবে। সরকারের পক্ষ থেকে বিভিন্ন উদ্যোগ গ্রহণ করা হয়েছে। বিশেষজ্ঞরা মনে করেন, সমন্বিত পরিকল্পনা ছাড়া এ ধরনের সংকট মোকাবিলা করা কঠিন। এ বছর পরিস্থিতি আগের চেয়ে উন্নত হয়েছে বলে সংশ্লিষ্টরা জানান। তবে আরও কাজ করার সুযোগ রয়েছে। বাজার পরিস্থিতি স্থিতিশীল রাখতে নিয়মিত তদারকি চলছে। সাধারণ মানুষের ভোগান্তি কমাতে নতুন নির্দেশনা দেওয়া হয়েছে।
